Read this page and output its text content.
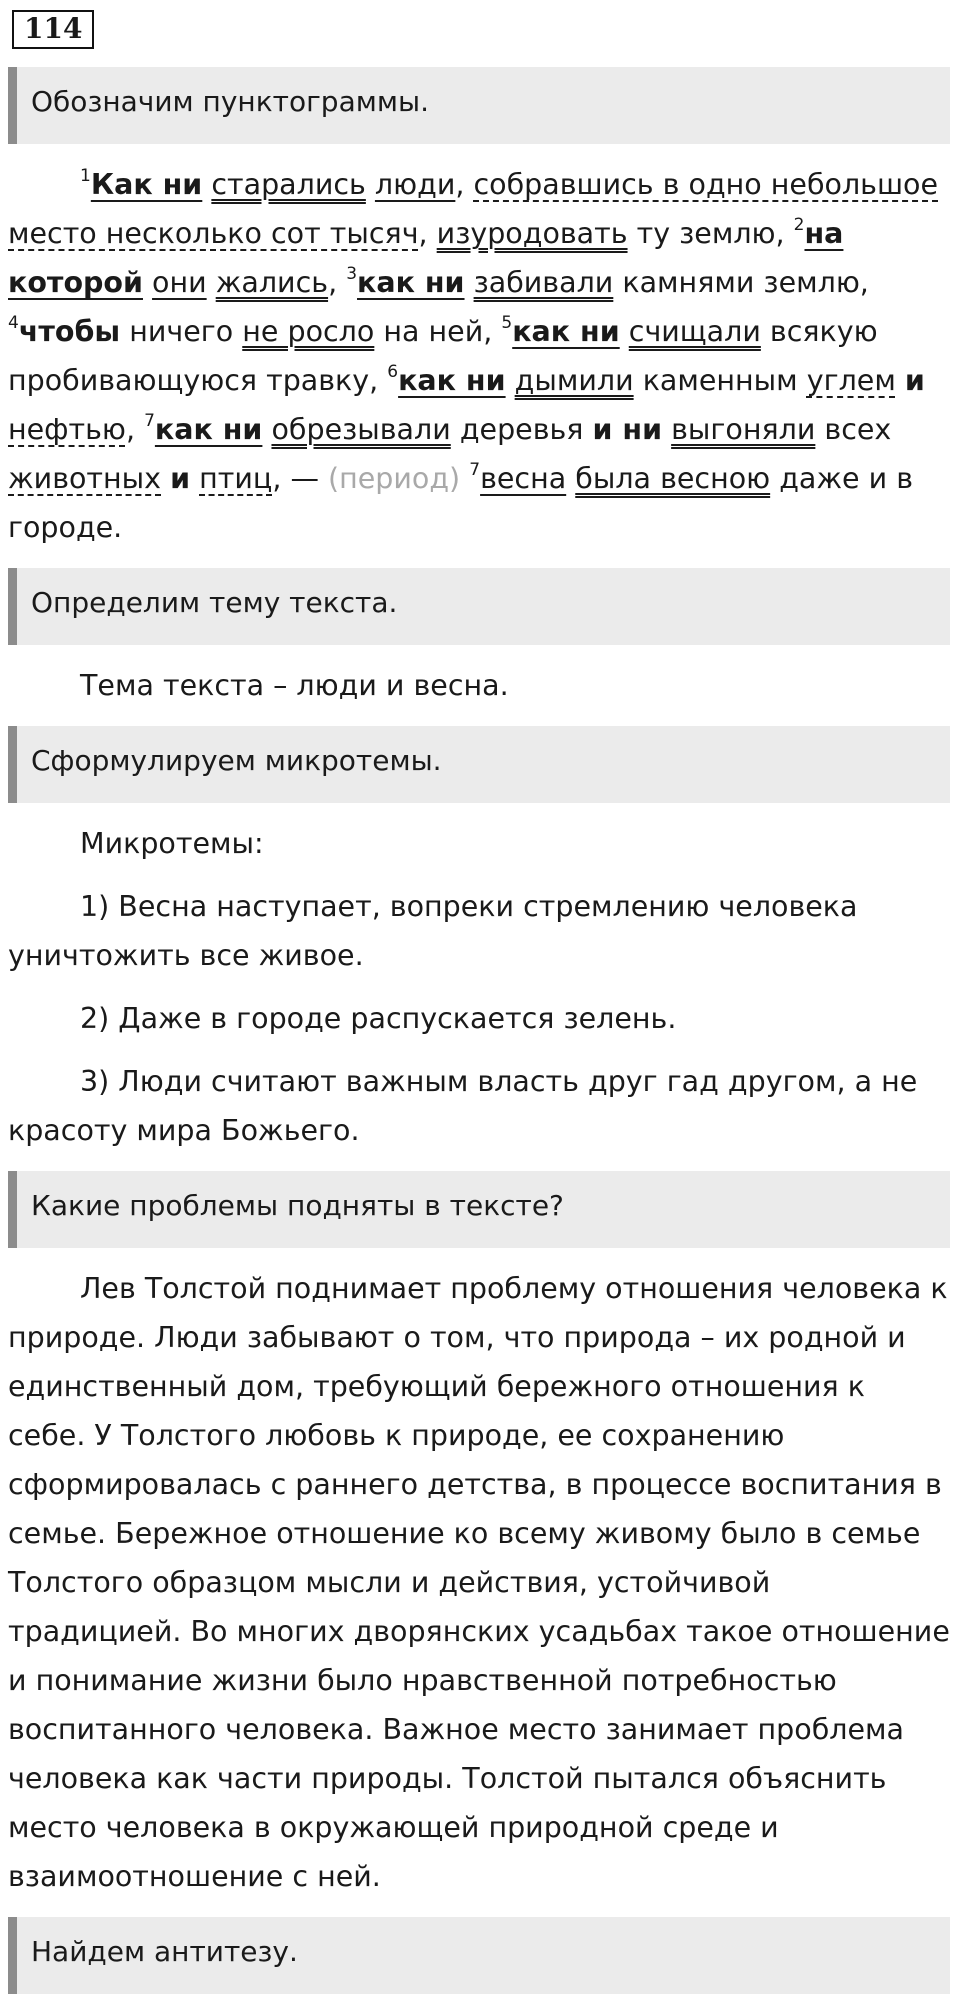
114
Обозначим пунктограммы.
$^1$Как ни старались люди, собравшись в одно небольшое место несколько сот тысяч, изуродовать ту землю, $^2$на которой они жались, $^3$как ни забивали камнями землю, $^4$чтобы ничего не росло на ней, $^5$как ни счищали всякую пробивающуюся травку, $^6$как ни дымили каменным углем и нефтью, $^7$как ни обрезывали деревья и ни выгоняли всех животных и птиц, — (период) $^7$весна была весною даже и в городе.
Определим тему текста.
Тема текста – люди и весна.
Сформулируем микротемы.
Микротемы:
1) Весна наступает, вопреки стремлению человека уничтожить все живое.
2) Даже в городе распускается зелень.
3) Люди считают важным власть друг гад другом, а не красоту мира Божьего.
Какие проблемы подняты в тексте?
Лев Толстой поднимает проблему отношения человека к природе. Люди забывают о том, что природа – их родной и единственный дом, требующий бережного отношения к себе. У Толстого любовь к природе, ее сохранению сформировалась с раннего детства, в процессе воспитания в семье. Бережное отношение ко всему живому было в семье Толстого образцом мысли и действия, устойчивой традицией. Во многих дворянских усадьбах такое отношение и понимание жизни было нравственной потребностью воспитанного человека. Важное место занимает проблема человека как части природы. Толстой пытался объяснить место человека в окружающей природной среде и взаимоотношение с ней.
Найдем антитезу.
